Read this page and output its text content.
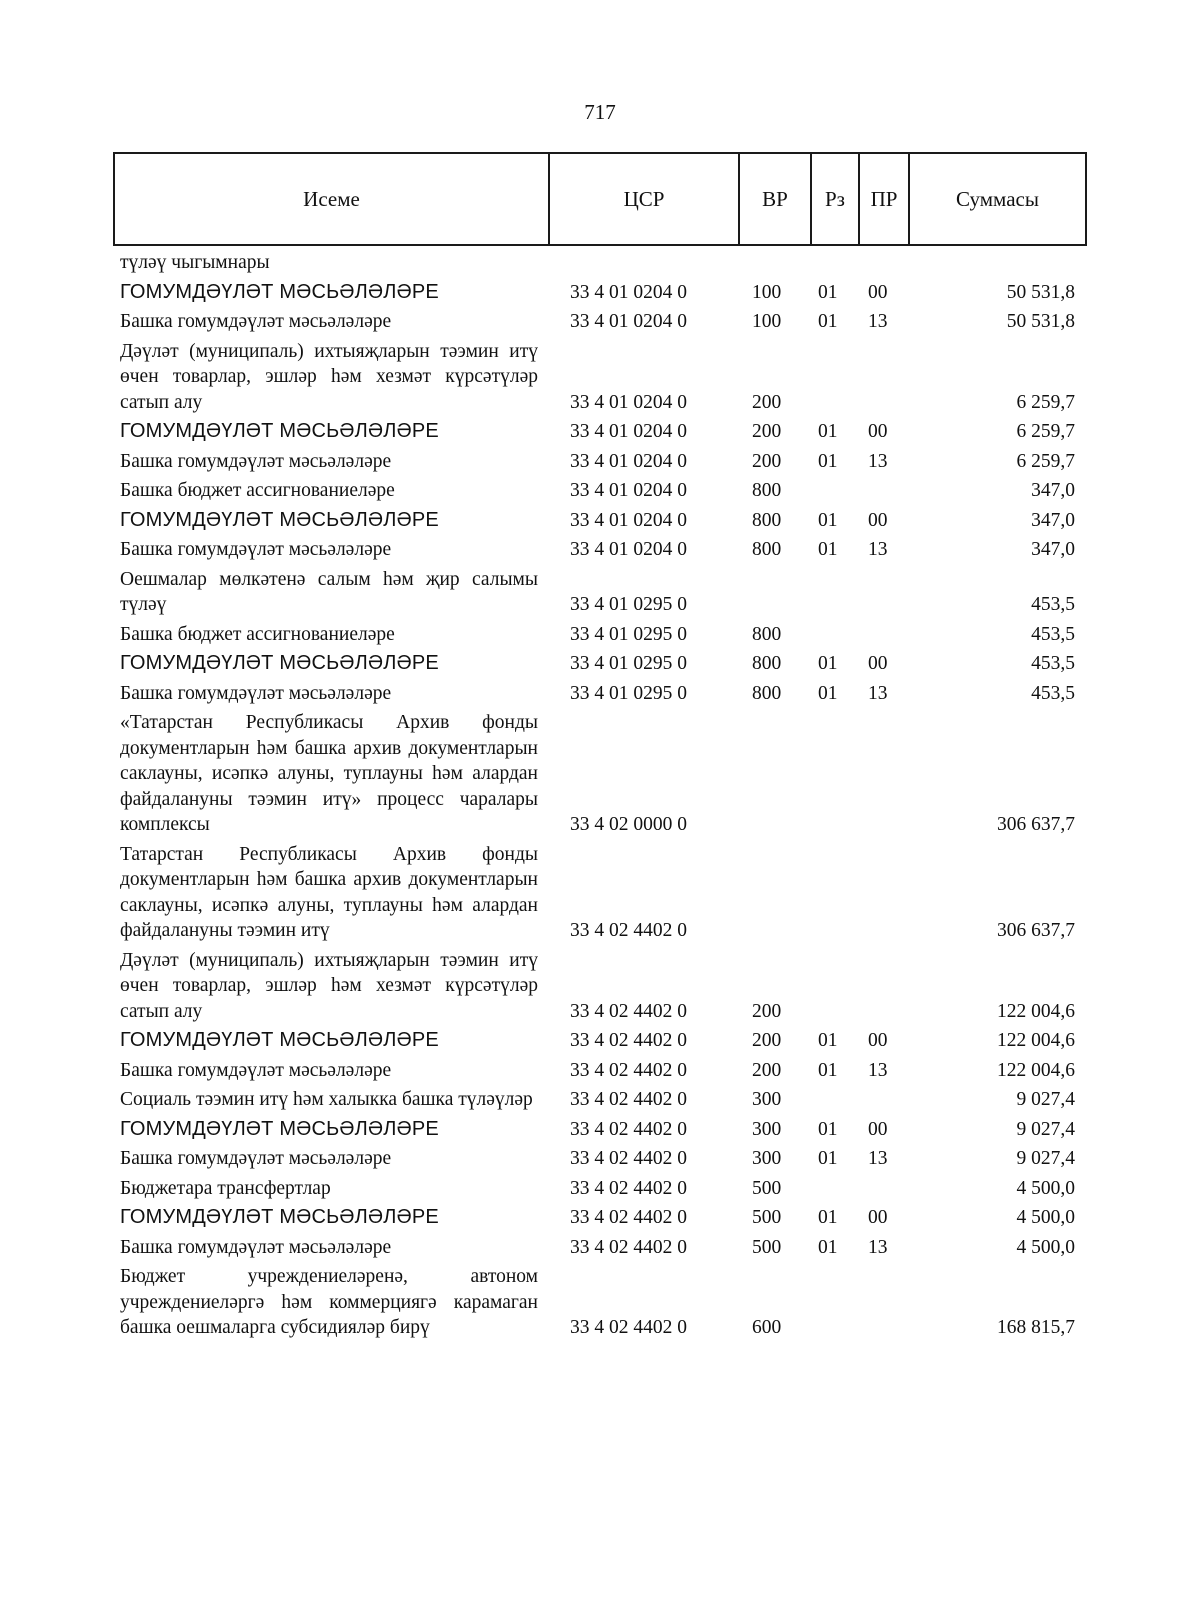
717
Исеме	ЦСР	ВР	Рз	ПР	Суммасы
түләү чыгымнары
ГОМУМДӘҮЛӘТ МӘСЬӘЛӘЛӘРЕ	33 4 01 0204 0	100 01 00	50 531,8
Башка гомумдәүләт мәсьәләләре	33 4 01 0204 0	100 01 13	50 531,8
Дәүләт (муниципаль) ихтыяҗларын тәэмин итү өчен товарлар, эшләр һәм хезмәт күрсәтүләр сатып алу	33 4 01 0204 0	200	6 259,7
ГОМУМДӘҮЛӘТ МӘСЬӘЛӘЛӘРЕ	33 4 01 0204 0	200 01 00	6 259,7
Башка гомумдәүләт мәсьәләләре	33 4 01 0204 0	200 01 13	6 259,7
Башка бюджет ассигнованиеләре	33 4 01 0204 0	800	347,0
ГОМУМДӘҮЛӘТ МӘСЬӘЛӘЛӘРЕ	33 4 01 0204 0	800 01 00	347,0
Башка гомумдәүләт мәсьәләләре	33 4 01 0204 0	800 01 13	347,0
Оешмалар мөлкәтенә салым һәм җир салымы түләү	33 4 01 0295 0	453,5
Башка бюджет ассигнованиеләре	33 4 01 0295 0	800	453,5
ГОМУМДӘҮЛӘТ МӘСЬӘЛӘЛӘРЕ	33 4 01 0295 0	800 01 00	453,5
Башка гомумдәүләт мәсьәләләре	33 4 01 0295 0	800 01 13	453,5
«Татарстан Республикасы Архив фонды документларын һәм башка архив документларын саклауны, исәпкә алуны, туплауны һәм алардан файдалануны тәэмин итү» процесс чаралары комплексы	33 4 02 0000 0	306 637,7
Татарстан Республикасы Архив фонды документларын һәм башка архив документларын саклауны, исәпкә алуны, туплауны һәм алардан файдалануны тәэмин итү	33 4 02 4402 0	306 637,7
Дәүләт (муниципаль) ихтыяҗларын тәэмин итү өчен товарлар, эшләр һәм хезмәт күрсәтүләр сатып алу	33 4 02 4402 0	200	122 004,6
ГОМУМДӘҮЛӘТ МӘСЬӘЛӘЛӘРЕ	33 4 02 4402 0	200 01 00	122 004,6
Башка гомумдәүләт мәсьәләләре	33 4 02 4402 0	200 01 13	122 004,6
Социаль тәэмин итү һәм халыкка башка түләүләр 33 4 02 4402 0	300	9 027,4
ГОМУМДӘҮЛӘТ МӘСЬӘЛӘЛӘРЕ	33 4 02 4402 0	300 01 00	9 027,4
Башка гомумдәүләт мәсьәләләре	33 4 02 4402 0	300 01 13	9 027,4
Бюджетара трансфертлар	33 4 02 4402 0	500	4 500,0
ГОМУМДӘҮЛӘТ МӘСЬӘЛӘЛӘРЕ	33 4 02 4402 0	500 01 00	4 500,0
Башка гомумдәүләт мәсьәләләре	33 4 02 4402 0	500 01 13	4 500,0
Бюджет учреждениеләренә, автоном учреждениеләргә һәм коммерциягә карамаган башка оешмаларга субсидияләр бирү	33 4 02 4402 0	600	168 815,7
